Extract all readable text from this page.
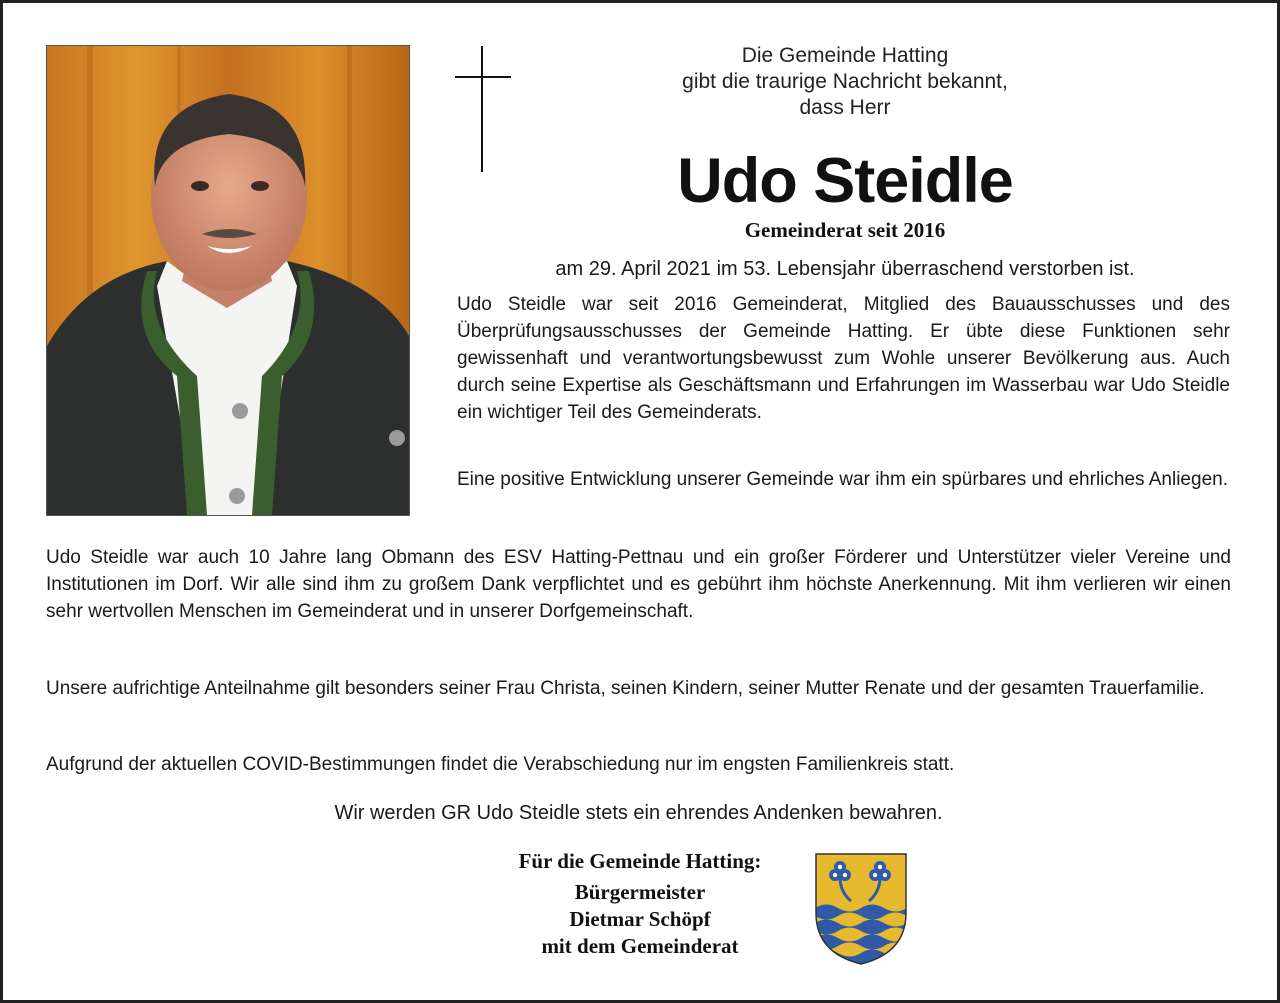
Die Gemeinde Hatting
gibt die traurige Nachricht bekannt,
dass Herr
Udo Steidle
Gemeinderat seit 2016
am 29. April 2021 im 53. Lebensjahr überraschend verstorben ist.
Udo Steidle war seit 2016 Gemeinderat, Mitglied des Bauausschusses und des Überprüfungsausschusses der Gemeinde Hatting. Er übte diese Funktionen sehr gewissenhaft und verantwortungsbewusst zum Wohle unserer Bevölkerung aus. Auch durch seine Expertise als Geschäftsmann und Erfahrungen im Wasserbau war Udo Steidle ein wichtiger Teil des Gemeinderats.
Eine positive Entwicklung unserer Gemeinde war ihm ein spürbares und ehrliches Anliegen.
Udo Steidle war auch 10 Jahre lang Obmann des ESV Hatting-Pettnau und ein großer Förderer und Unterstützer vieler Vereine und Institutionen im Dorf. Wir alle sind ihm zu großem Dank verpflichtet und es gebührt ihm höchste Anerkennung. Mit ihm verlieren wir einen sehr wertvollen Menschen im Gemeinderat und in unserer Dorfgemeinschaft.
Unsere aufrichtige Anteilnahme gilt besonders seiner Frau Christa, seinen Kindern, seiner Mutter Renate und der gesamten Trauerfamilie.
Aufgrund der aktuellen COVID-Bestimmungen findet die Verabschiedung nur im engsten Familienkreis statt.
Wir werden GR Udo Steidle stets ein ehrendes Andenken bewahren.
Für die Gemeinde Hatting:
Bürgermeister
Dietmar Schöpf
mit dem Gemeinderat
